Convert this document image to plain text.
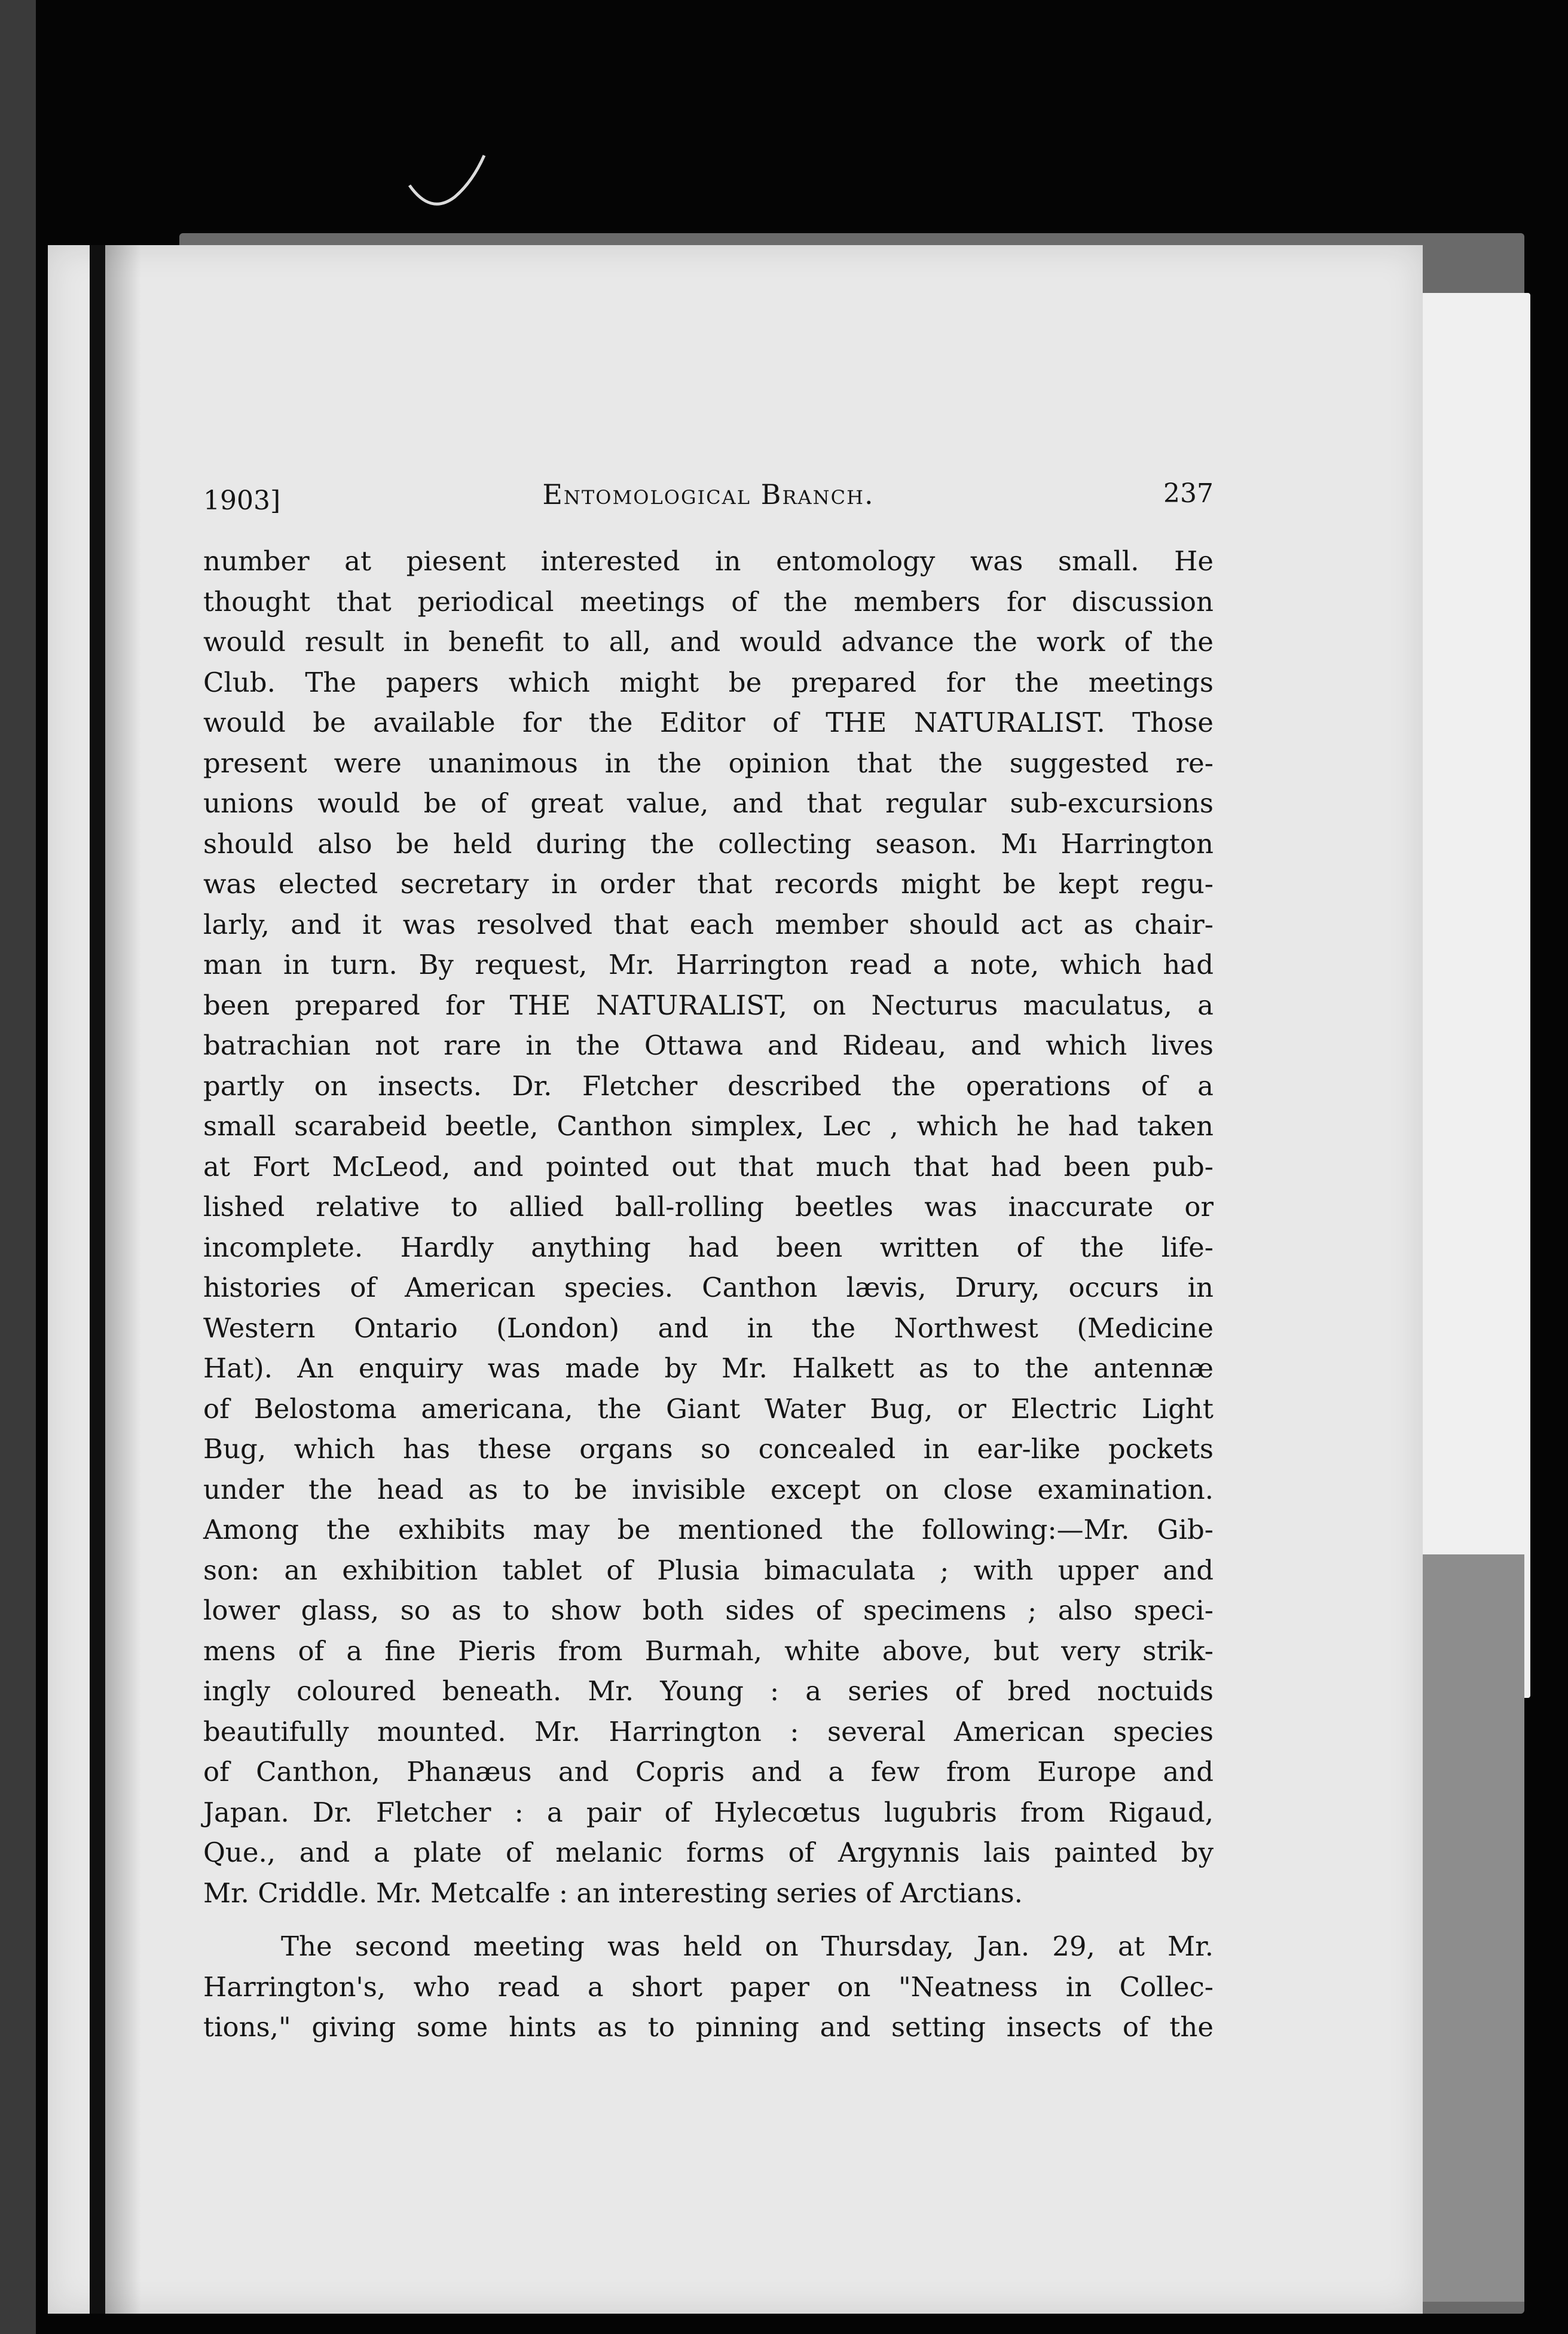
1903]	Entomological Branch.	237
number at piesent interested in entomology was small. He
thought that periodical meetings of the members for discussion
would result in benefit to all, and would advance the work of the
Club. The papers which might be prepared for the meetings
would be available for the Editor of THE NATURALIST. Those
present were unanimous in the opinion that the suggested re-
unions would be of great value, and that regular sub-excursions
should also be held during the collecting season. Mı Harrington
was elected secretary in order that records might be kept regu-
larly, and it was resolved that each member should act as chair-
man in turn. By request, Mr. Harrington read a note, which had
been prepared for THE NATURALIST, on Necturus maculatus, a
batrachian not rare in the Ottawa and Rideau, and which lives
partly on insects. Dr. Fletcher described the operations of a
small scarabeid beetle, Canthon simplex, Lec , which he had taken
at Fort McLeod, and pointed out that much that had been pub-
lished relative to allied ball-rolling beetles was inaccurate or
incomplete. Hardly anything had been written of the life-
histories of American species. Canthon lævis, Drury, occurs in
Western Ontario (London) and in the Northwest (Medicine
Hat). An enquiry was made by Mr. Halkett as to the antennæ
of Belostoma americana, the Giant Water Bug, or Electric Light
Bug, which has these organs so concealed in ear-like pockets
under the head as to be invisible except on close examination.
Among the exhibits may be mentioned the following:—Mr. Gib-
son: an exhibition tablet of Plusia bimaculata ; with upper and
lower glass, so as to show both sides of specimens ; also speci-
mens of a fine Pieris from Burmah, white above, but very strik-
ingly coloured beneath. Mr. Young : a series of bred noctuids
beautifully mounted. Mr. Harrington : several American species
of Canthon, Phanæus and Copris and a few from Europe and
Japan. Dr. Fletcher : a pair of Hylecœtus lugubris from Rigaud,
Que., and a plate of melanic forms of Argynnis lais painted by
Mr. Criddle. Mr. Metcalfe : an interesting series of Arctians.
The second meeting was held on Thursday, Jan. 29, at Mr.
Harrington's, who read a short paper on "Neatness in Collec-
tions," giving some hints as to pinning and setting insects of the
